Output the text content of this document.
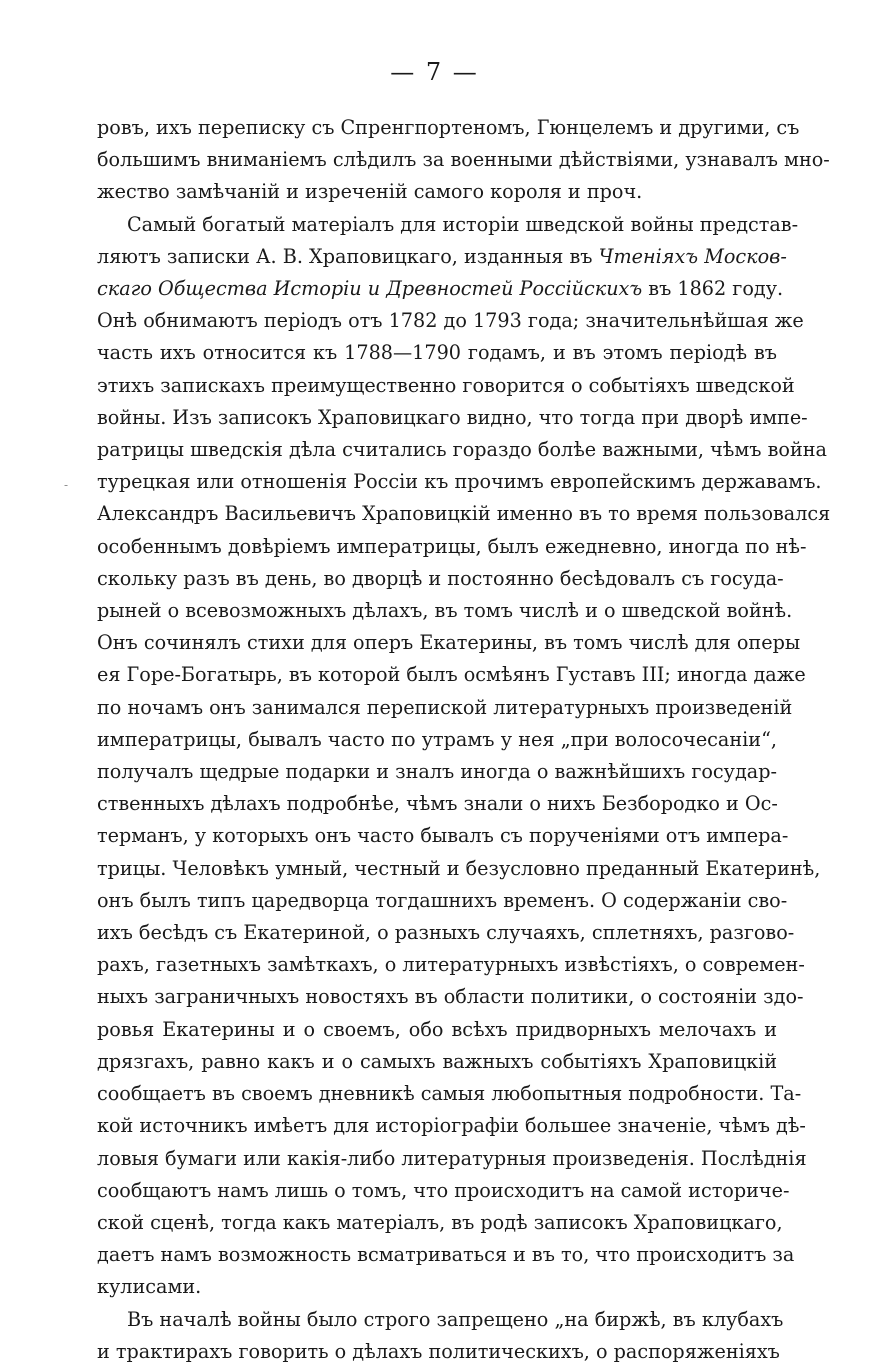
— 7 —
-
ровъ, ихъ переписку съ Спренгпортеномъ, Гюнцелемъ и другими, съ
большимъ вниманіемъ слѣдилъ за военными дѣйствіями, узнавалъ мно-
жество замѣчаній и изреченій самого короля и проч.
Самый богатый матеріалъ для исторіи шведской войны представ-
ляютъ записки А. В. Храповицкаго, изданныя въ Чтеніяхъ Москов-
скаго Общества Исторіи и Древностей Россійскихъ въ 1862 году.
Онѣ обнимаютъ періодъ отъ 1782 до 1793 года; значительнѣйшая же
часть ихъ относится къ 1788—1790 годамъ, и въ этомъ періодѣ въ
этихъ запискахъ преимущественно говорится о событіяхъ шведской
войны. Изъ записокъ Храповицкаго видно, что тогда при дворѣ импе-
ратрицы шведскія дѣла считались гораздо болѣе важными, чѣмъ война
турецкая или отношенія Россіи къ прочимъ европейскимъ державамъ.
Александръ Васильевичъ Храповицкій именно въ то время пользовался
особеннымъ довѣріемъ императрицы, былъ ежедневно, иногда по нѣ-
скольку разъ въ день, во дворцѣ и постоянно бесѣдовалъ съ госуда-
рыней о всевозможныхъ дѣлахъ, въ томъ числѣ и о шведской войнѣ.
Онъ сочинялъ стихи для оперъ Екатерины, въ томъ числѣ для оперы
ея Горе-Богатырь, въ которой былъ осмѣянъ Густавъ III; иногда даже
по ночамъ онъ занимался перепиской литературныхъ произведеній
императрицы, бывалъ часто по утрамъ у нея „при волосочесаніи“,
получалъ щедрые подарки и зналъ иногда о важнѣйшихъ государ-
ственныхъ дѣлахъ подробнѣе, чѣмъ знали о нихъ Безбородко и Ос-
терманъ, у которыхъ онъ часто бывалъ съ порученіями отъ импера-
трицы. Человѣкъ умный, честный и безусловно преданный Екатеринѣ,
онъ былъ типъ царедворца тогдашнихъ временъ. О содержаніи сво-
ихъ бесѣдъ съ Екатериной, о разныхъ случаяхъ, сплетняхъ, разгово-
рахъ, газетныхъ замѣткахъ, о литературныхъ извѣстіяхъ, о современ-
ныхъ заграничныхъ новостяхъ въ области политики, о состояніи здо-
ровья Екатерины и о своемъ, обо всѣхъ придворныхъ мелочахъ и
дрязгахъ, равно какъ и о самыхъ важныхъ событіяхъ Храповицкій
сообщаетъ въ своемъ дневникѣ самыя любопытныя подробности. Та-
кой источникъ имѣетъ для исторіографіи большее значеніе, чѣмъ дѣ-
ловыя бумаги или какія-либо литературныя произведенія. Послѣднія
сообщаютъ намъ лишь о томъ, что происходитъ на самой историче-
ской сценѣ, тогда какъ матеріалъ, въ родѣ записокъ Храповицкаго,
даетъ намъ возможность всматриваться и въ то, что происходитъ за
кулисами.
Въ началѣ войны было строго запрещено „на биржѣ, въ клубахъ
и трактирахъ говорить о дѣлахъ политическихъ, о распоряженіяхъ
